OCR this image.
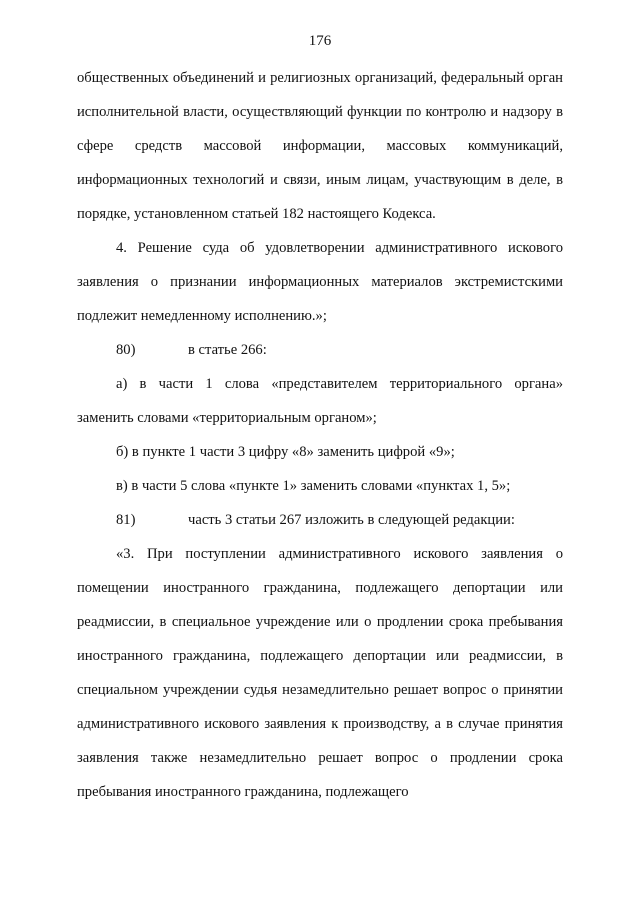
176

общественных объединений и религиозных организаций, федеральный орган исполнительной власти, осуществляющий функции по контролю и надзору в сфере средств массовой информации, массовых коммуникаций, информационных технологий и связи, иным лицам, участвующим в деле, в порядке, установленном статьей 182 настоящего Кодекса.

4. Решение суда об удовлетворении административного искового заявления о признании информационных материалов экстремистскими подлежит немедленному исполнению.»;

80)	в статье 266:

а) в части 1 слова «представителем территориального органа» заменить словами «территориальным органом»;

б) в пункте 1 части 3 цифру «8» заменить цифрой «9»;

в) в части 5 слова «пункте 1» заменить словами «пунктах 1, 5»;

81)	часть 3 статьи 267 изложить в следующей редакции:

«3. При поступлении административного искового заявления о помещении иностранного гражданина, подлежащего депортации или реадмиссии, в специальное учреждение или о продлении срока пребывания иностранного гражданина, подлежащего депортации или реадмиссии, в специальном учреждении судья незамедлительно решает вопрос о принятии административного искового заявления к производству, а в случае принятия заявления также незамедлительно решает вопрос о продлении срока пребывания иностранного гражданина, подлежащего
